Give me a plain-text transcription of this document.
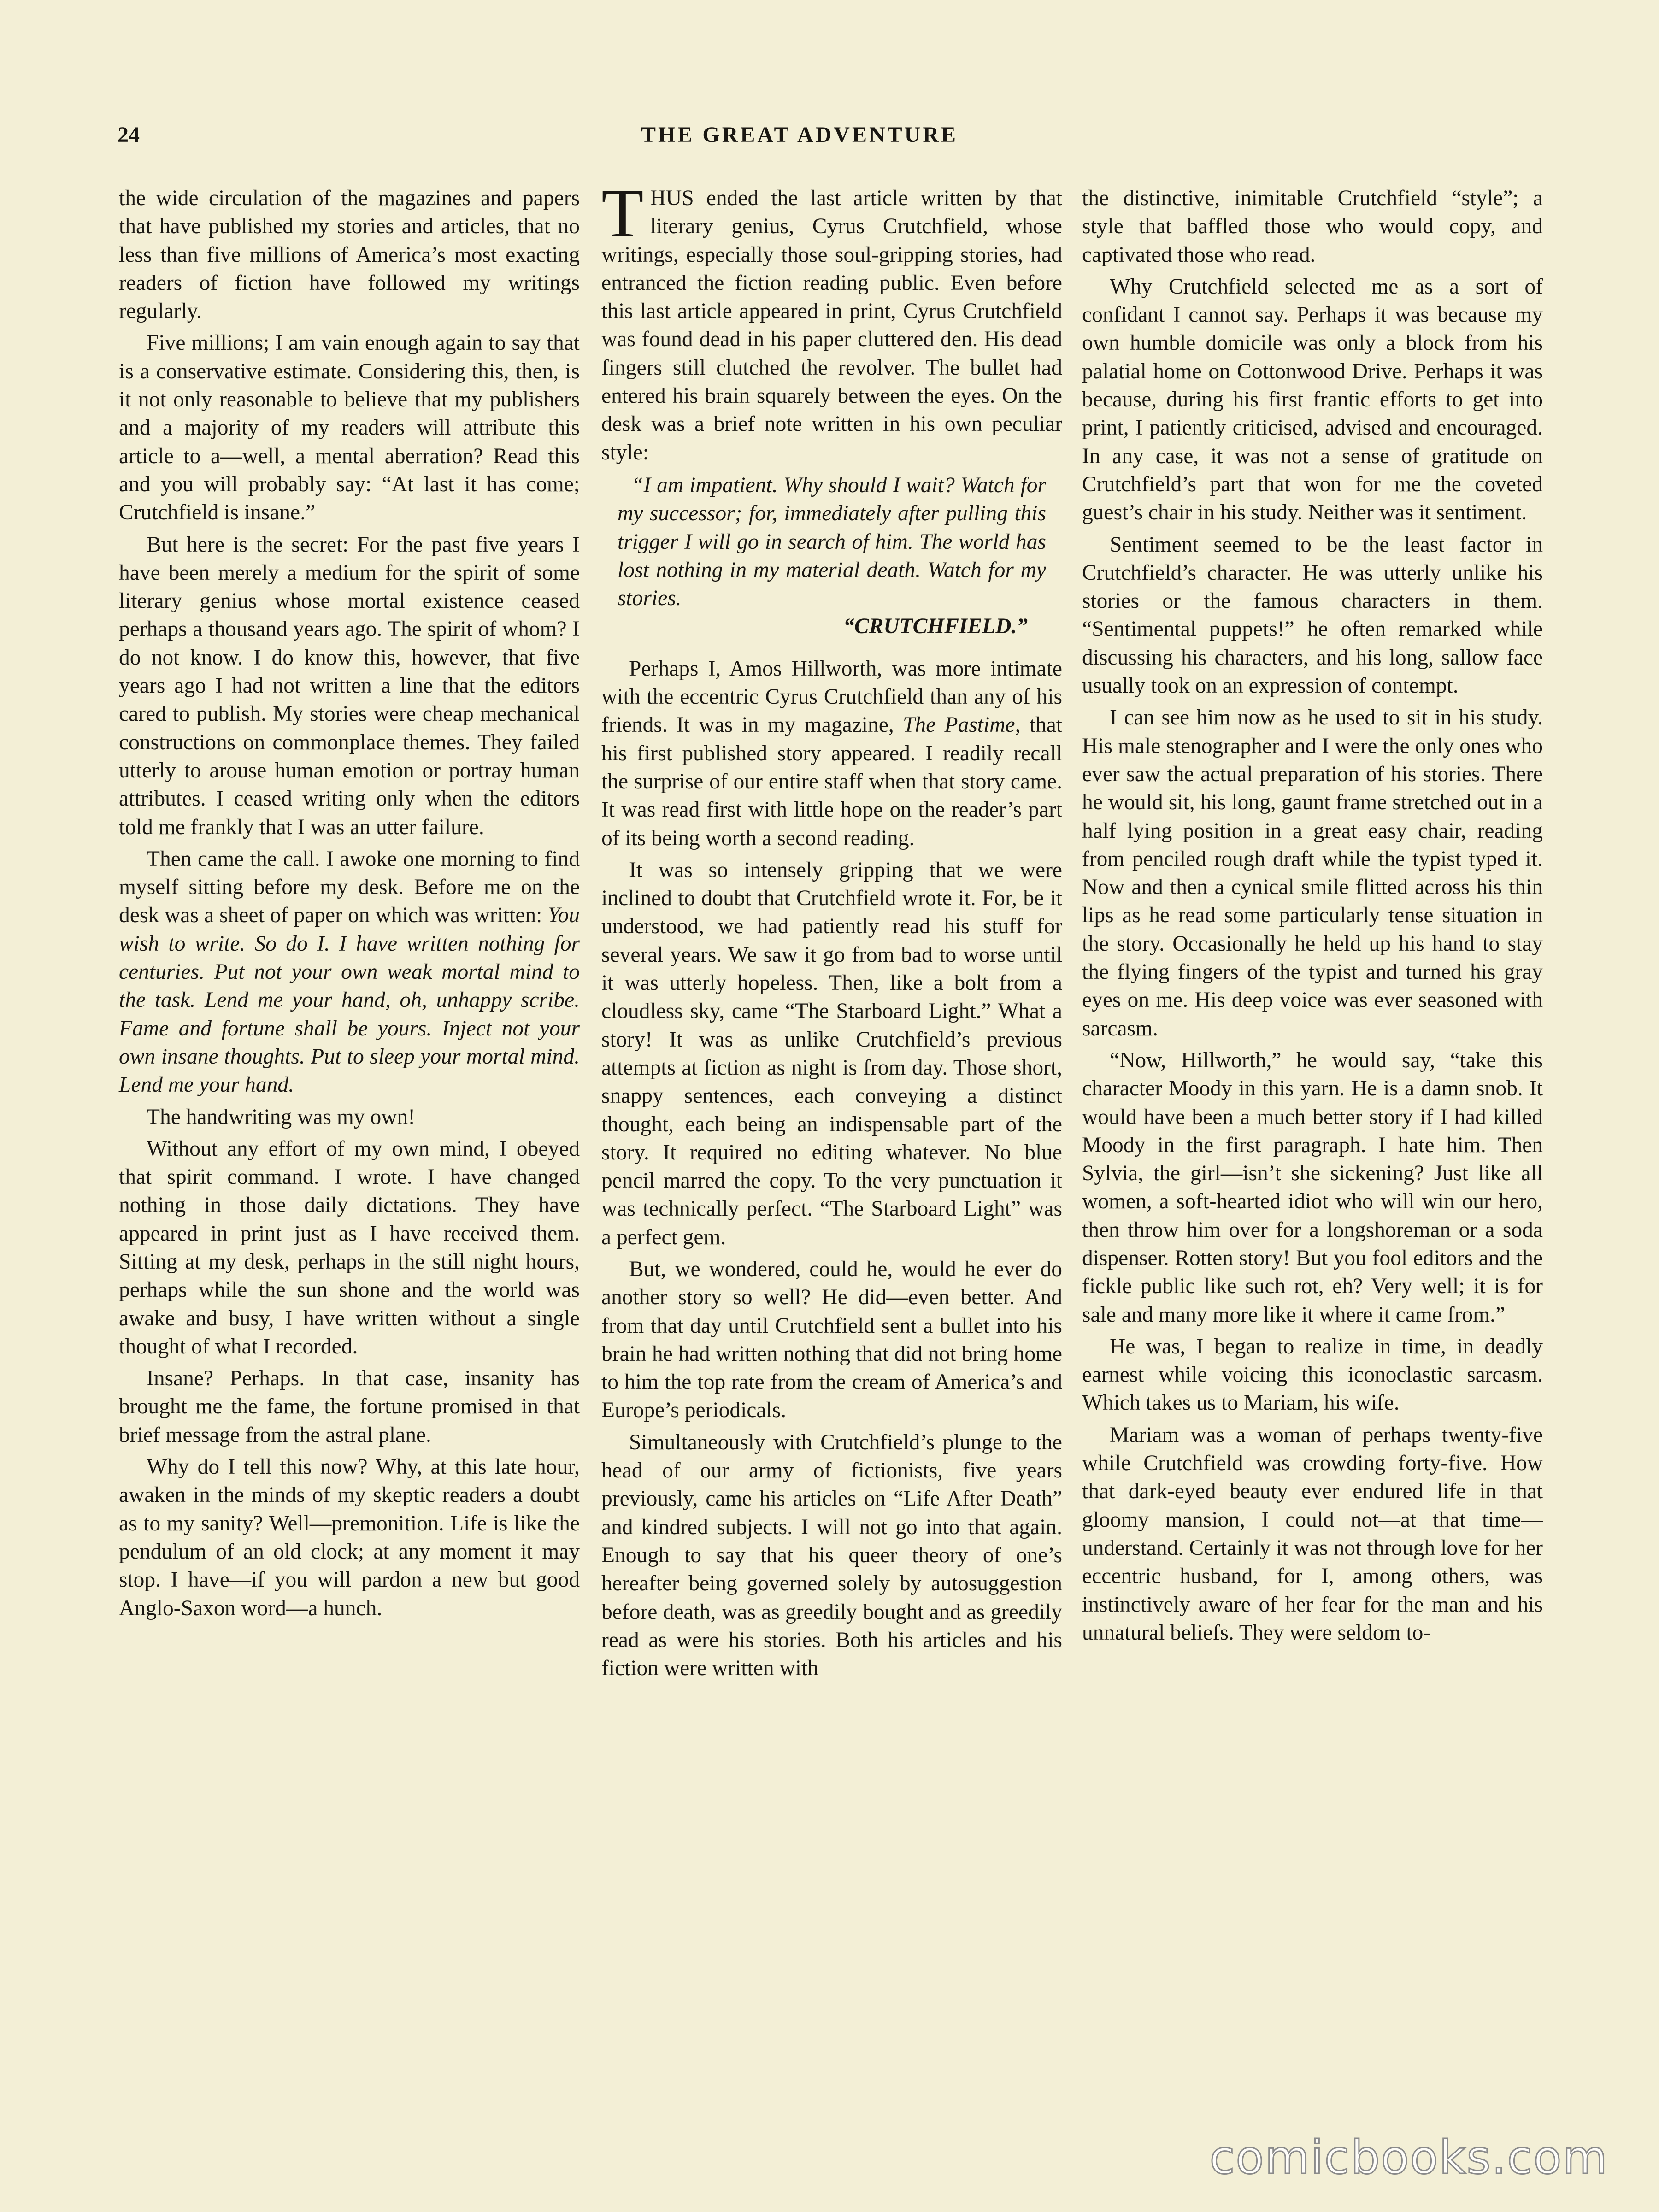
24	THE GREAT ADVENTURE

the wide circulation of the magazines and papers that have published my stories and articles, that no less than five millions of America’s most exacting readers of fiction have followed my writings regularly.

Five millions; I am vain enough again to say that is a conservative estimate. Considering this, then, is it not only reasonable to believe that my publishers and a majority of my readers will attribute this article to a—well, a mental aberration? Read this and you will probably say: “At last it has come; Crutchfield is insane.”

But here is the secret: For the past five years I have been merely a medium for the spirit of some literary genius whose mortal existence ceased perhaps a thousand years ago. The spirit of whom? I do not know. I do know this, however, that five years ago I had not written a line that the editors cared to publish. My stories were cheap mechanical constructions on commonplace themes. They failed utterly to arouse human emotion or portray human attributes. I ceased writing only when the editors told me frankly that I was an utter failure.

Then came the call. I awoke one morning to find myself sitting before my desk. Before me on the desk was a sheet of paper on which was written: You wish to write. So do I. I have written nothing for centuries. Put not your own weak mortal mind to the task. Lend me your hand, oh, unhappy scribe. Fame and fortune shall be yours. Inject not your own insane thoughts. Put to sleep your mortal mind. Lend me your hand.

The handwriting was my own!

Without any effort of my own mind, I obeyed that spirit command. I wrote. I have changed nothing in those daily dictations. They have appeared in print just as I have received them. Sitting at my desk, perhaps in the still night hours, perhaps while the sun shone and the world was awake and busy, I have written without a single thought of what I recorded.

Insane? Perhaps. In that case, insanity has brought me the fame, the fortune promised in that brief message from the astral plane.

Why do I tell this now? Why, at this late hour, awaken in the minds of my skeptic readers a doubt as to my sanity? Well—premonition. Life is like the pendulum of an old clock; at any moment it may stop. I have—if you will pardon a new but good Anglo-Saxon word—a hunch.

THUS ended the last article written by that literary genius, Cyrus Crutchfield, whose writings, especially those soul-gripping stories, had entranced the fiction reading public. Even before this last article appeared in print, Cyrus Crutchfield was found dead in his paper cluttered den. His dead fingers still clutched the revolver. The bullet had entered his brain squarely between the eyes. On the desk was a brief note written in his own peculiar style:

“I am impatient. Why should I wait? Watch for my successor; for, immediately after pulling this trigger I will go in search of him. The world has lost nothing in my material death. Watch for my stories.

“CRUTCHFIELD.”

Perhaps I, Amos Hillworth, was more intimate with the eccentric Cyrus Crutchfield than any of his friends. It was in my magazine, The Pastime, that his first published story appeared. I readily recall the surprise of our entire staff when that story came. It was read first with little hope on the reader’s part of its being worth a second reading.

It was so intensely gripping that we were inclined to doubt that Crutchfield wrote it. For, be it understood, we had patiently read his stuff for several years. We saw it go from bad to worse until it was utterly hopeless. Then, like a bolt from a cloudless sky, came “The Starboard Light.” What a story! It was as unlike Crutchfield’s previous attempts at fiction as night is from day. Those short, snappy sentences, each conveying a distinct thought, each being an indispensable part of the story. It required no editing whatever. No blue pencil marred the copy. To the very punctuation it was technically perfect. “The Starboard Light” was a perfect gem.

But, we wondered, could he, would he ever do another story so well? He did—even better. And from that day until Crutchfield sent a bullet into his brain he had written nothing that did not bring home to him the top rate from the cream of America’s and Europe’s periodicals.

Simultaneously with Crutchfield’s plunge to the head of our army of fictionists, five years previously, came his articles on “Life After Death” and kindred subjects. I will not go into that again. Enough to say that his queer theory of one’s hereafter being governed solely by autosuggestion before death, was as greedily bought and as greedily read as were his stories. Both his articles and his fiction were written with

the distinctive, inimitable Crutchfield “style”; a style that baffled those who would copy, and captivated those who read.

Why Crutchfield selected me as a sort of confidant I cannot say. Perhaps it was because my own humble domicile was only a block from his palatial home on Cottonwood Drive. Perhaps it was because, during his first frantic efforts to get into print, I patiently criticised, advised and encouraged. In any case, it was not a sense of gratitude on Crutchfield’s part that won for me the coveted guest’s chair in his study. Neither was it sentiment.

Sentiment seemed to be the least factor in Crutchfield’s character. He was utterly unlike his stories or the famous characters in them. “Sentimental puppets!” he often remarked while discussing his characters, and his long, sallow face usually took on an expression of contempt.

I can see him now as he used to sit in his study. His male stenographer and I were the only ones who ever saw the actual preparation of his stories. There he would sit, his long, gaunt frame stretched out in a half lying position in a great easy chair, reading from penciled rough draft while the typist typed it. Now and then a cynical smile flitted across his thin lips as he read some particularly tense situation in the story. Occasionally he held up his hand to stay the flying fingers of the typist and turned his gray eyes on me. His deep voice was ever seasoned with sarcasm.

“Now, Hillworth,” he would say, “take this character Moody in this yarn. He is a damn snob. It would have been a much better story if I had killed Moody in the first paragraph. I hate him. Then Sylvia, the girl—isn’t she sickening? Just like all women, a soft-hearted idiot who will win our hero, then throw him over for a longshoreman or a soda dispenser. Rotten story! But you fool editors and the fickle public like such rot, eh? Very well; it is for sale and many more like it where it came from.”

He was, I began to realize in time, in deadly earnest while voicing this iconoclastic sarcasm. Which takes us to Mariam, his wife.

Mariam was a woman of perhaps twenty-five while Crutchfield was crowding forty-five. How that dark-eyed beauty ever endured life in that gloomy mansion, I could not—at that time—understand. Certainly it was not through love for her eccentric husband, for I, among others, was instinctively aware of her fear for the man and his unnatural beliefs. They were seldom to-

comicbooks.com
